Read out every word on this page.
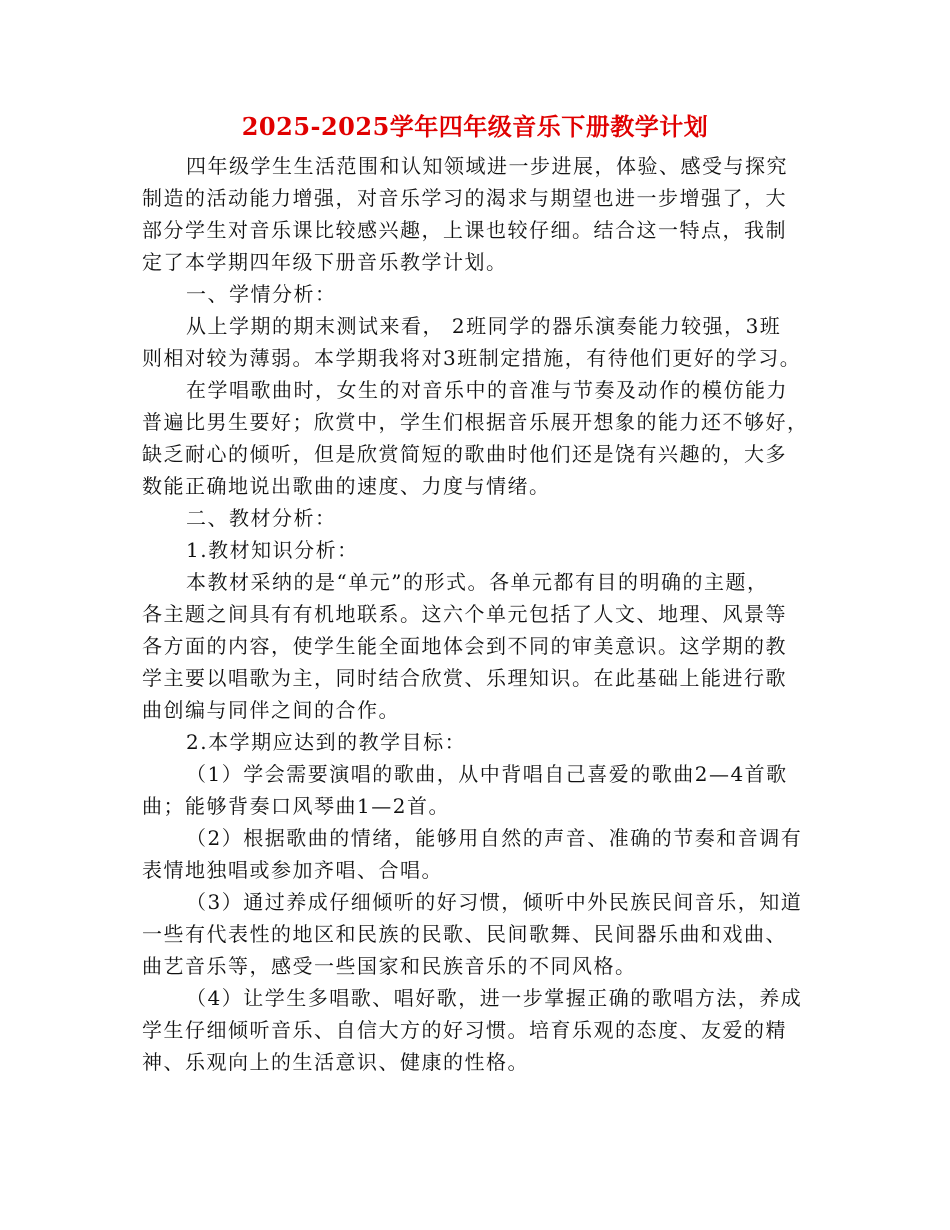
2025-2025学年四年级音乐下册教学计划
四年级学生生活范围和认知领域进一步进展，体验、感受与探究
制造的活动能力增强，对音乐学习的渴求与期望也进一步增强了，大
部分学生对音乐课比较感兴趣，上课也较仔细。结合这一特点，我制
定了本学期四年级下册音乐教学计划。
一、学情分析：
从上学期的期末测试来看， 2班同学的器乐演奏能力较强，3班
则相对较为薄弱。本学期我将对3班制定措施，有待他们更好的学习。
在学唱歌曲时，女生的对音乐中的音准与节奏及动作的模仿能力
普遍比男生要好；欣赏中，学生们根据音乐展开想象的能力还不够好，
缺乏耐心的倾听，但是欣赏简短的歌曲时他们还是饶有兴趣的，大多
数能正确地说出歌曲的速度、力度与情绪。
二、教材分析：
1.教材知识分析：
本教材采纳的是“单元”的形式。各单元都有目的明确的主题，
各主题之间具有有机地联系。这六个单元包括了人文、地理、风景等
各方面的内容，使学生能全面地体会到不同的审美意识。这学期的教
学主要以唱歌为主，同时结合欣赏、乐理知识。在此基础上能进行歌
曲创编与同伴之间的合作。
2.本学期应达到的教学目标：
（1）学会需要演唱的歌曲，从中背唱自己喜爱的歌曲2—4首歌
曲；能够背奏口风琴曲1—2首。
（2）根据歌曲的情绪，能够用自然的声音、准确的节奏和音调有
表情地独唱或参加齐唱、合唱。
（3）通过养成仔细倾听的好习惯，倾听中外民族民间音乐，知道
一些有代表性的地区和民族的民歌、民间歌舞、民间器乐曲和戏曲、
曲艺音乐等，感受一些国家和民族音乐的不同风格。
（4）让学生多唱歌、唱好歌，进一步掌握正确的歌唱方法，养成
学生仔细倾听音乐、自信大方的好习惯。培育乐观的态度、友爱的精
神、乐观向上的生活意识、健康的性格。
